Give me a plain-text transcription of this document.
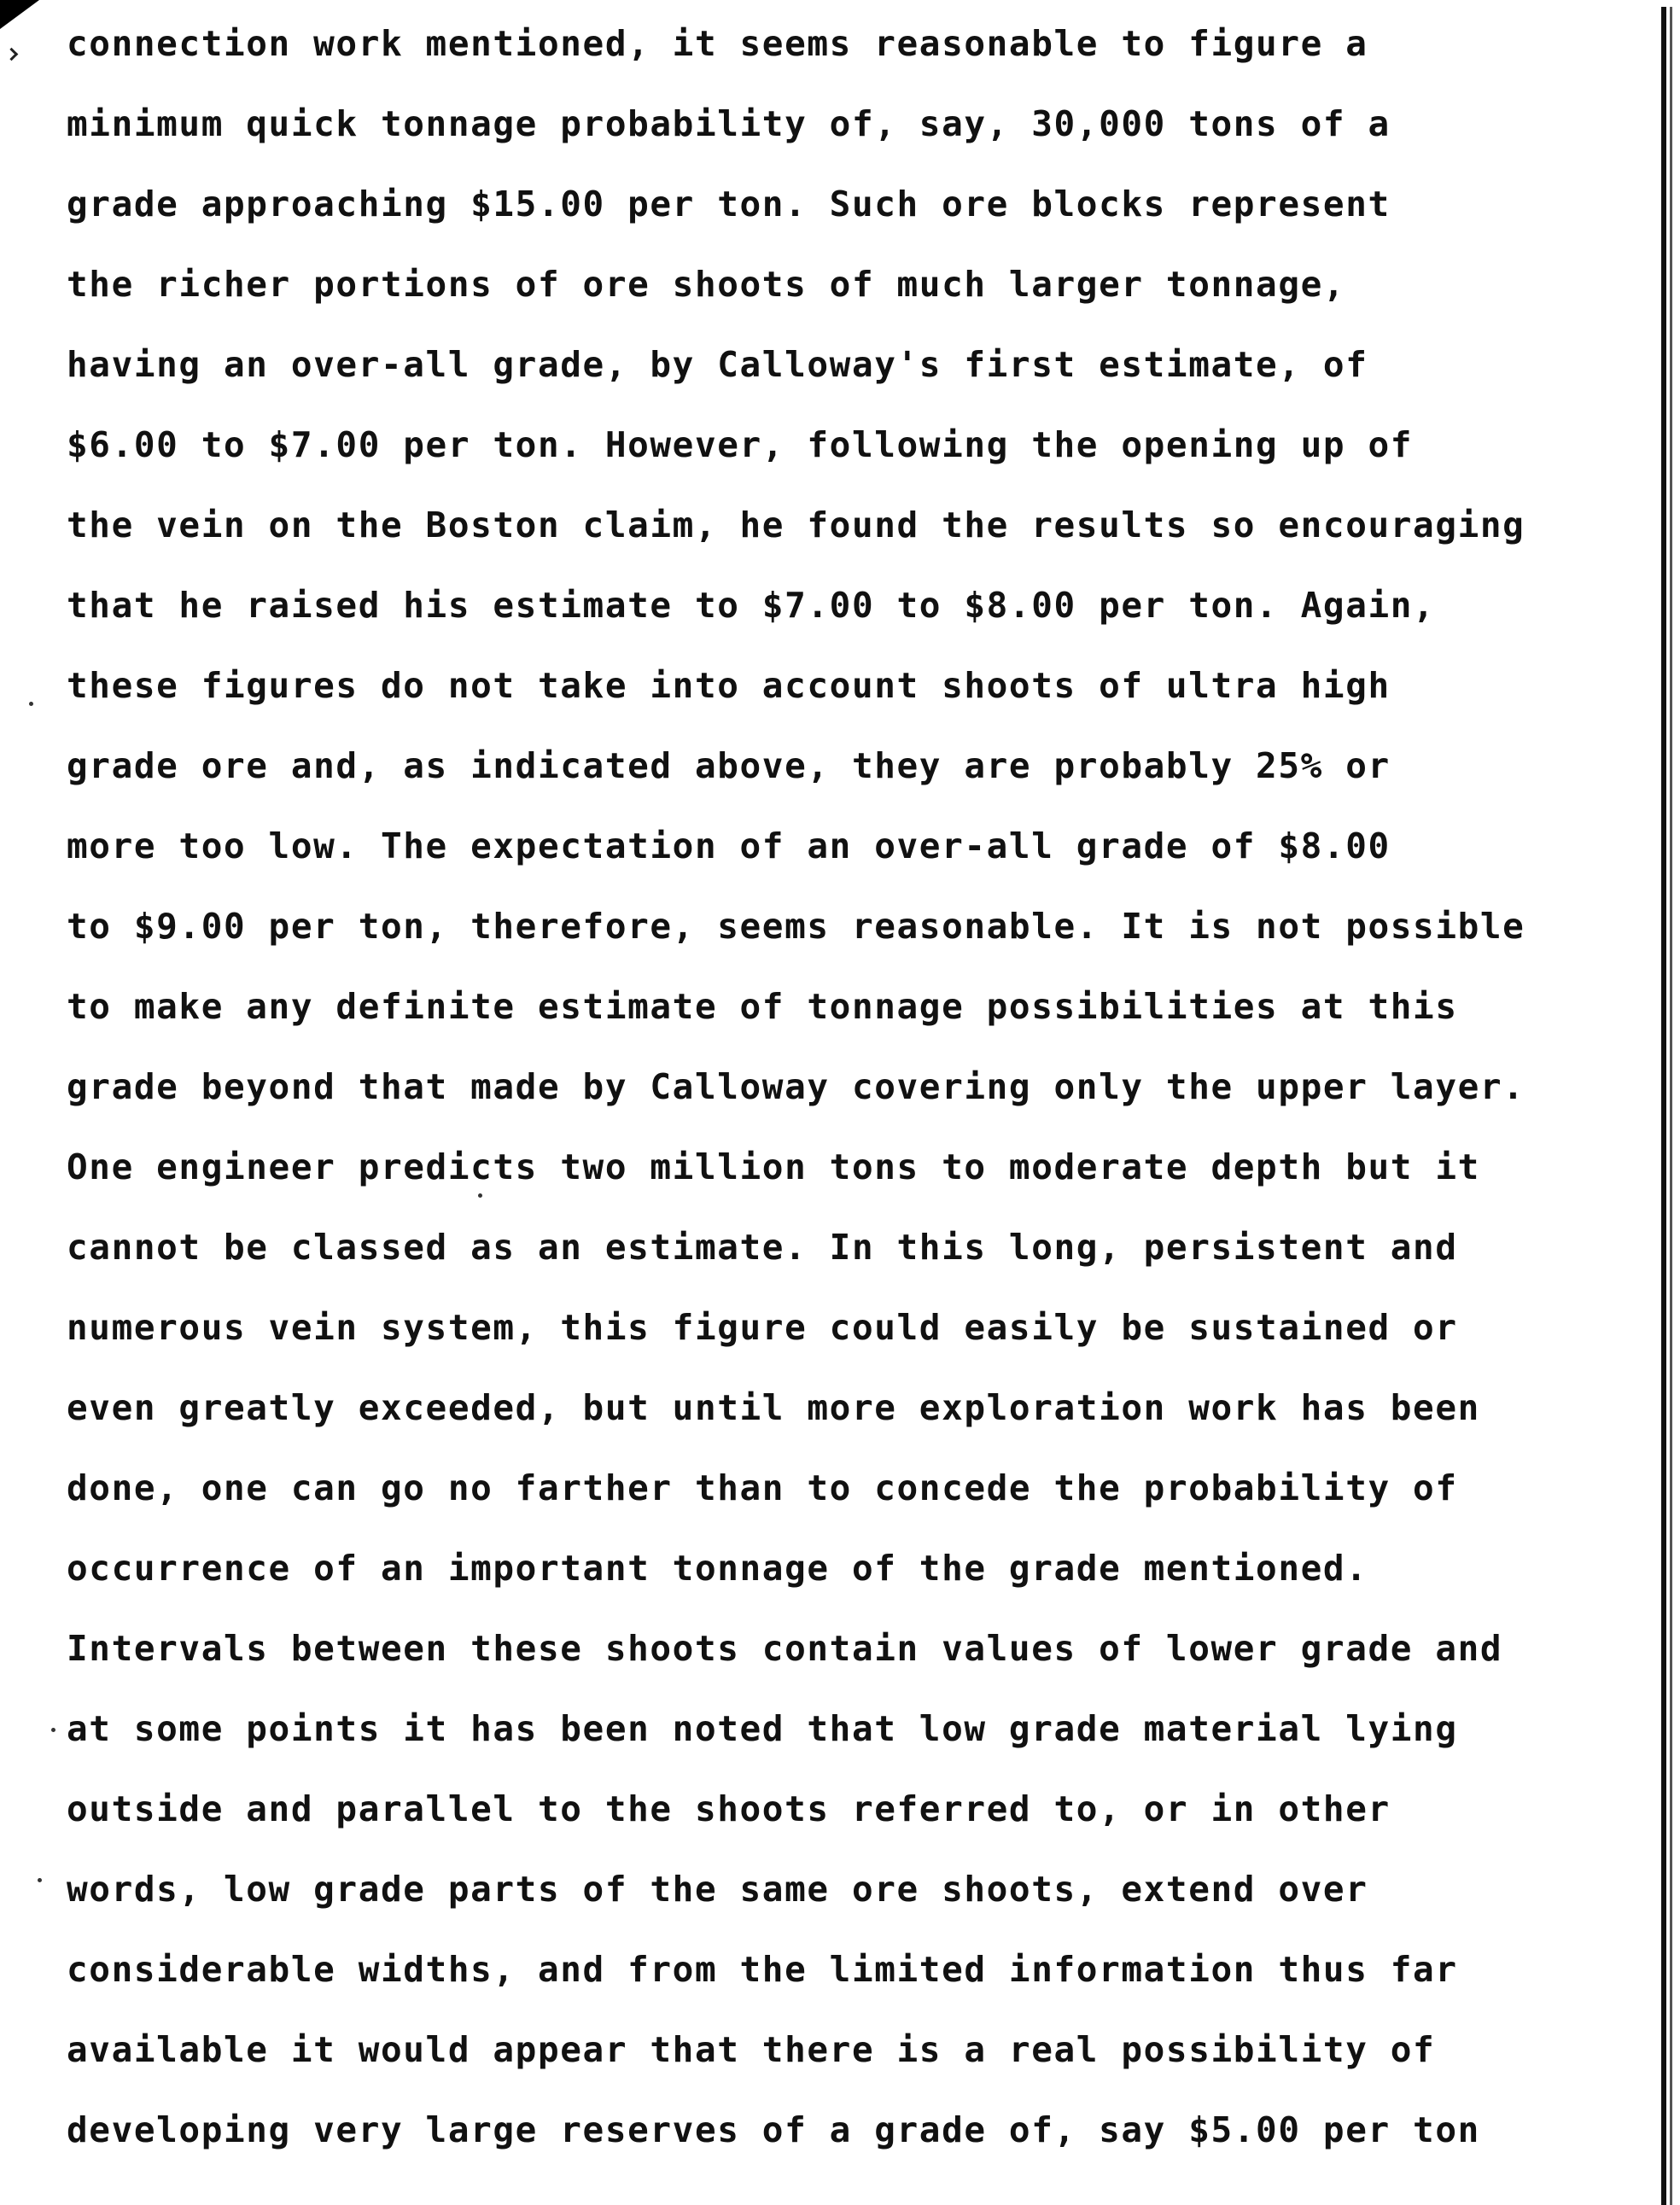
connection work mentioned, it seems reasonable to figure a
minimum quick tonnage probability of, say, 30,000 tons of a
grade approaching $15.00 per ton. Such ore blocks represent
the richer portions of ore shoots of much larger tonnage,
having an over-all grade, by Calloway's first estimate, of
$6.00 to $7.00 per ton. However, following the opening up of
the vein on the Boston claim, he found the results so encouraging
that he raised his estimate to $7.00 to $8.00 per ton. Again,
these figures do not take into account shoots of ultra high
grade ore and, as indicated above, they are probably 25% or
more too low. The expectation of an over-all grade of $8.00
to $9.00 per ton, therefore, seems reasonable. It is not possible
to make any definite estimate of tonnage possibilities at this
grade beyond that made by Calloway covering only the upper layer.
One engineer predicts two million tons to moderate depth but it
cannot be classed as an estimate. In this long, persistent and
numerous vein system, this figure could easily be sustained or
even greatly exceeded, but until more exploration work has been
done, one can go no farther than to concede the probability of
occurrence of an important tonnage of the grade mentioned.
Intervals between these shoots contain values of lower grade and
at some points it has been noted that low grade material lying
outside and parallel to the shoots referred to, or in other
words, low grade parts of the same ore shoots, extend over
considerable widths, and from the limited information thus far
available it would appear that there is a real possibility of
developing very large reserves of a grade of, say $5.00 per ton
